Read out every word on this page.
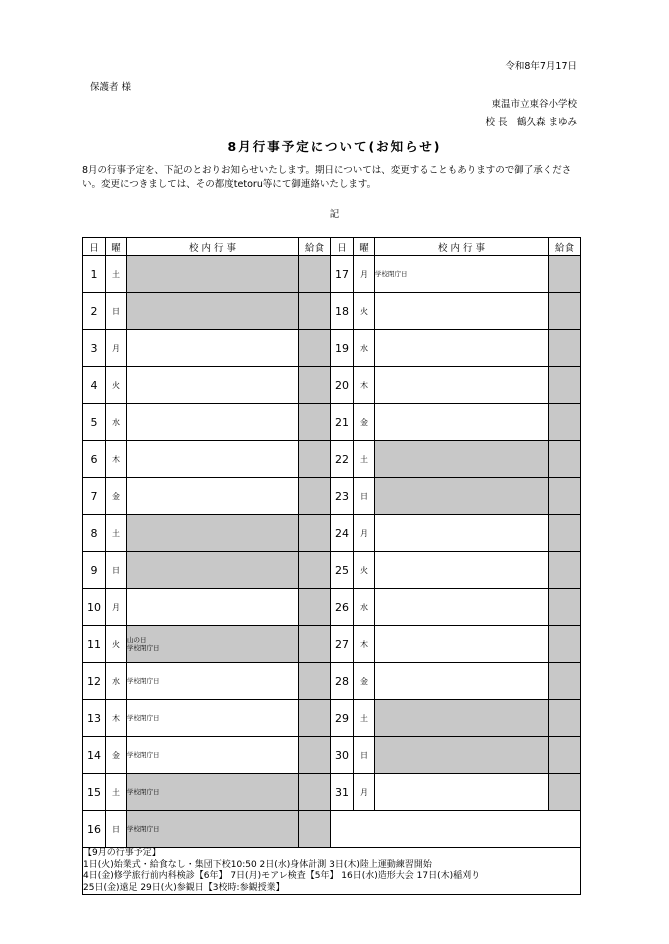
令和8年7月17日
保護者 様
東温市立東谷小学校
校 長　鶴久森 まゆみ
8月行事予定について(お知らせ)
8月の行事予定を、下記のとおりお知らせいたします。期日については、変更することもありますので御了承ください。変更につきましては、その都度tetoru等にて御連絡いたします。
記
日	曜	校 内 行 事	給食	日	曜	校 内 行 事	給食
1	土			17	月	学校閉庁日	

2	日			18	火		
3	月			19	水		
4	火			20	木		
5	水			21	金		
6	木			22	土		
7	金			23	日		
8	土			24	月		
9	日			25	火		
10	月			26	水		
11	火	山の日
学校閉庁日		27	木		
12	水	学校閉庁日		28	金		
13	木	学校閉庁日		29	土		
14	金	学校閉庁日		30	日		
15	土	学校閉庁日		31	月		
16	日	学校閉庁日					

【9月の行事予定】
1日(火)始業式・給食なし・集団下校10:50 2日(水)身体計測 3日(木)陸上運動練習開始
4日(金)修学旅行前内科検診【6年】 7日(月)モアレ検査【5年】 16日(水)造形大会 17日(木)稲刈り
25日(金)遠足 29日(火)参観日【3校時:参観授業】							
